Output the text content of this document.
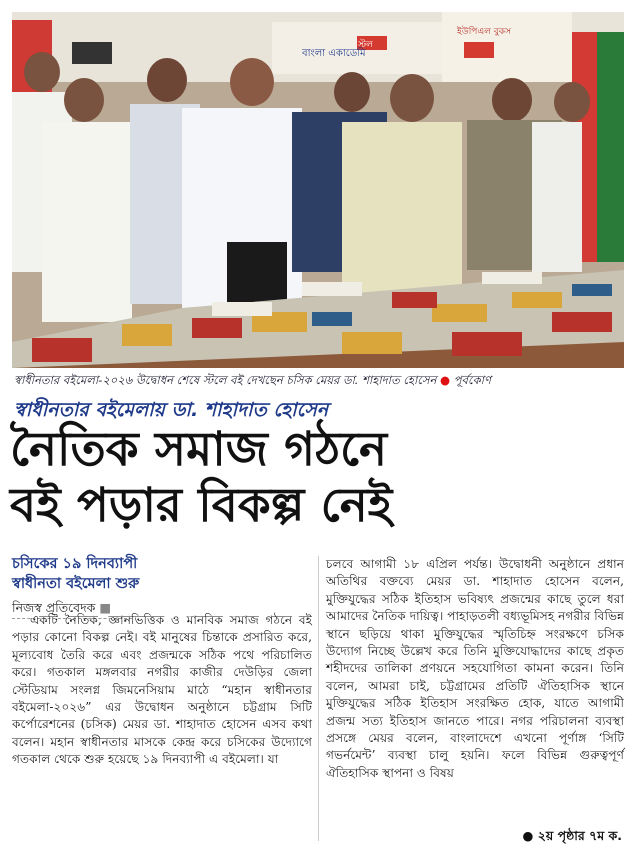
বাংলা একাডেমি
স্টল
ইউপিএল বুকস
স্বাধীনতার বইমেলা-২০২৬ উদ্বোধন শেষে স্টলে বই দেখছেন চসিক মেয়র ডা. শাহাদাত হোসেন ● পূর্বকোণ
স্বাধীনতার বইমেলায় ডা. শাহাদাত হোসেন
নৈতিক সমাজ গঠনে
বই পড়ার বিকল্প নেই
চসিকের ১৯ দিনব্যাপী
স্বাধীনতা বইমেলা শুরু
নিজস্ব প্রতিবেদক ■
একটি নৈতিক, জ্ঞানভিত্তিক ও মানবিক সমাজ গঠনে বই পড়ার কোনো বিকল্প নেই। বই মানুষের চিন্তাকে প্রসারিত করে, মূল্যবোধ তৈরি করে এবং প্রজন্মকে সঠিক পথে পরিচালিত করে। গতকাল মঙ্গলবার নগরীর কাজীর দেউড়ির জেলা স্টেডিয়াম সংলগ্ন জিমনেসিয়াম মাঠে “মহান স্বাধীনতার বইমেলা-২০২৬” এর উদ্বোধন অনুষ্ঠানে চট্টগ্রাম সিটি কর্পোরেশনের (চসিক) মেয়র ডা. শাহাদাত হোসেন এসব কথা বলেন। মহান স্বাধীনতার মাসকে কেন্দ্র করে চসিকের উদ্যোগে গতকাল থেকে শুরু হয়েছে ১৯ দিনব্যাপী এ বইমেলা। যা
চলবে আগামী ১৮ এপ্রিল পর্যন্ত। উদ্বোধনী অনুষ্ঠানে প্রধান অতিথির বক্তব্যে মেয়র ডা. শাহাদাত হোসেন বলেন, মুক্তিযুদ্ধের সঠিক ইতিহাস ভবিষ্যৎ প্রজন্মের কাছে তুলে ধরা আমাদের নৈতিক দায়িত্ব। পাহাড়তলী বধ্যভূমিসহ নগরীর বিভিন্ন স্থানে ছড়িয়ে থাকা মুক্তিযুদ্ধের স্মৃতিচিহ্ন সংরক্ষণে চসিক উদ্যোগ নিচ্ছে উল্লেখ করে তিনি মুক্তিযোদ্ধাদের কাছে প্রকৃত শহীদদের তালিকা প্রণয়নে সহযোগিতা কামনা করেন। তিনি বলেন, আমরা চাই, চট্টগ্রামের প্রতিটি ঐতিহাসিক স্থানে মুক্তিযুদ্ধের সঠিক ইতিহাস সংরক্ষিত হোক, যাতে আগামী প্রজন্ম সত্য ইতিহাস জানতে পারে। নগর পরিচালনা ব্যবস্থা প্রসঙ্গে মেয়র বলেন, বাংলাদেশে এখনো পূর্ণাঙ্গ ‘সিটি গভর্নমেন্ট’ ব্যবস্থা চালু হয়নি। ফলে বিভিন্ন গুরুত্বপূর্ণ ঐতিহাসিক স্থাপনা ও বিষয়
● ২য় পৃষ্ঠার ৭ম ক.
